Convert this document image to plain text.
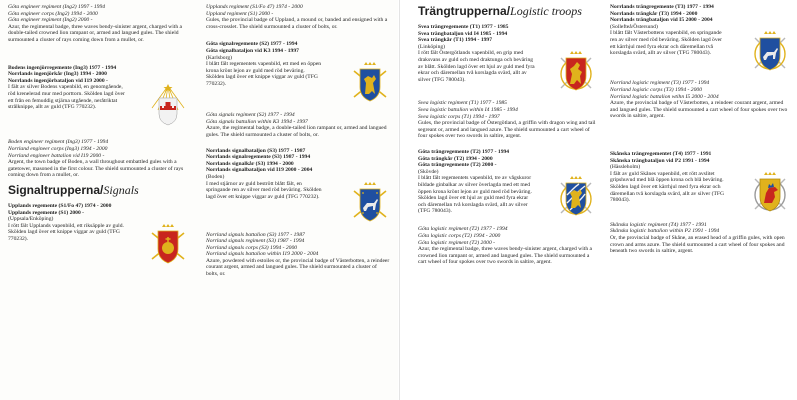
Göta engineer regiment (Ing2) 1997 - 1994
Göta engineer corps (Ing2) 1994 - 2000
Göta engineer regiment (Ing2) 2000 -
Azur, the regimental badge, three waves bendy-sinister argent, charged with a double-tailed crowned lion rampant or, armed and langued gules. The shield surmounted a cluster of rays coming down from a mullet, or.
Bodens ingenjörregemente (Ing3) 1977 - 1994
Norrlands ingenjörkår (Ing3) 1994 - 2000
Norrlands ingenjörbataljon vid I19 2000 -
I fält av silver Bodens vapenbild, en genomgående, röd krenelerad mur med porttorn. Skölden lagd över ett från en femuddig stjärna utgående, neråtriktat strålknippe, allt av guld (TFG 770232).
Boden engineer regiment (Ing3) 1977 - 1994
Norrland engineer corps (Ing3) 1994 - 2000
Norrland engineer battalion vid I19 2000 -
Argent, the town badge of Boden, a wall throughout embattled gules with a gatetower, masoned in the first colour. The shield surmounted a cluster of rays coming down from a mullet, or.
Signaltrupperna/Signals
Upplands regemente (S1/Fo 47) 1974 - 2000
Upplands regemente (S1) 2000 -
(Uppsala/Enköping)
I rött fält Upplands vapenbild, ett riksäpple av guld. Skölden lagd över ett knippe viggar av guld (TFG 770232).
Upplands regiment (S1/Fo 47) 1974 - 2000
Uppland regiment (S1) 2000 -
Gules, the provincial badge of Uppland, a mound or, banded and ensigned with a cross-crosslet. The shield surmounted a cluster of bolts, or.
Göta signalregemente (S2) 1977 - 1994
Göta signalbataljon vid K3 1994 - 1997
(Karlsborg)
I blått fält regementets vapenbild, ett med en öppen krona krönt lejon av guld med röd beväring. Skölden lagd över ett knippe viggar av guld (TFG 770232).
Göta signals regiment (S2) 1977 - 1994
Göta signals battalion within K3 1994 - 1997
Azure, the regimental badge, a double-tailed lion rampant or, armed and langued gules. The shield surmounted a cluster of bolts, or.
Norrlands signalbataljon (S3) 1977 - 1987
Norrlands signalregemente (S3) 1987 - 1994
Norrlands signalkår (S3) 1994 - 2000
Norrlands signalbataljon vid I19 2000 - 2004
(Boden)
I med stjärnor av guld bestrött blått fält, en springande ren av silver med röd beväring. Skölden lagd över ett knippe viggar av guld (TFG 770232).
Norrland signals battalion (S3) 1977 - 1987
Norrland signals regiment (S3) 1987 - 1994
Norrland signals corps (S3) 1994 - 2000
Norrland signals battalion within I19 2000 - 2004
Azure, powdered with estoiles or, the provincial badge of Västerbotten, a reindeer courant argent, armed and langued gules. The shield surmounted a cluster of bolts, or.
Trängtrupperna/Logistic troops
Svea trängregemente (T1) 1977 - 1985
Svea trängbataljon vid I4 1985 - 1994
Svea trängkår (T1) 1994 - 1997
(Linköping)
I rött fält Östergötlands vapenbild, en grip med draksvans av guld och med draktunga och beväring av blått. Skölden lagd över ett hjul av guld med fyra ekrar och däremellan två korslagda svärd, allt av silver (TFG 780043).
Svea logistic regiment (T1) 1977 - 1985
Svea logistic battalion within I4 1985 - 1994
Svea logistic corps (T1) 1994 - 1997
Gules, the provincial badge of Östergötland, a griffin with dragon wing and tail segreant or, armed and langued azure. The shield surmounted a cart wheel of four spokes over two swords in saltire, argent.
Göta trängregemente (T2) 1977 - 1994
Göta trängkår (T2) 1994 - 2000
Göta trängregemente (T2) 2000 -
(Skövde)
I blått fält regementets vapenbild, tre av vågskuror bildade ginbalkar av silver överlagda med ett med öppen krona krönt lejon av guld med röd beväring. Skölden lagd över ett hjul av guld med fyra ekrar och däremellan två korslagda svärd, allt av silver (TFG 780043).
Göta logistic regiment (T2) 1977 - 1994
Göta logistic corps (T2) 1994 - 2000
Göta logistic regiment (T2) 2000 -
Azur, the regimental badge, three waves bendy-sinister argent, charged with a crowned lion rampant or, armed and langued gules. The shield surmounted a cart wheel of four spokes over two swords in saltire, argent.
Norrlands trängregemente (T3) 1977 - 1994
Norrlands trängkår (T3) 1994 - 2000
Norrlands trängbataljon vid I5 2000 - 2004
(Sollefteå/Östersund)
I blått fält Västerbottens vapenbild, en springande ren av silver med röd beväring. Skölden lagd över ett kärrhjul med fyra ekrar och däremellan två korslagda svärd, allt av silver (TFG 780043).
Norrland logistic regiment (T3) 1977 - 1994
Norrland logistic corps (T3) 1994 - 2000
Norrland logistic battalion wtihn I5 2000 - 2004
Azure, the provincial badge of Västerbotten, a reindeer courant argent, armed and langued gules. The shield surmounted a cart wheel of four spokes over two swords in saltire, argent.
Skånska trängregementet (T4) 1977 - 1991
Skånska trängbataljon vid P2 1991 - 1994
(Hässleholm)
I fält av guld Skånes vapenbild, ett rött avslitet gripshuvud med blå öppen krona och blå beväring. Skölden lagd över ett kärrhjul med fyra ekrar och däremellan två korslagda svärd, allt av silver (TFG 780043).
Skånska logistic regiment (T4) 1977 - 1991
Skånska logistic battalion within P2 1991 - 1994
Or, the provincial badge of Skåne, an erased head of a griffin gules, with open crown and arms azure. The shield surmounted a cart wheel of four spokes and beneath two swords in saltire, argent.
